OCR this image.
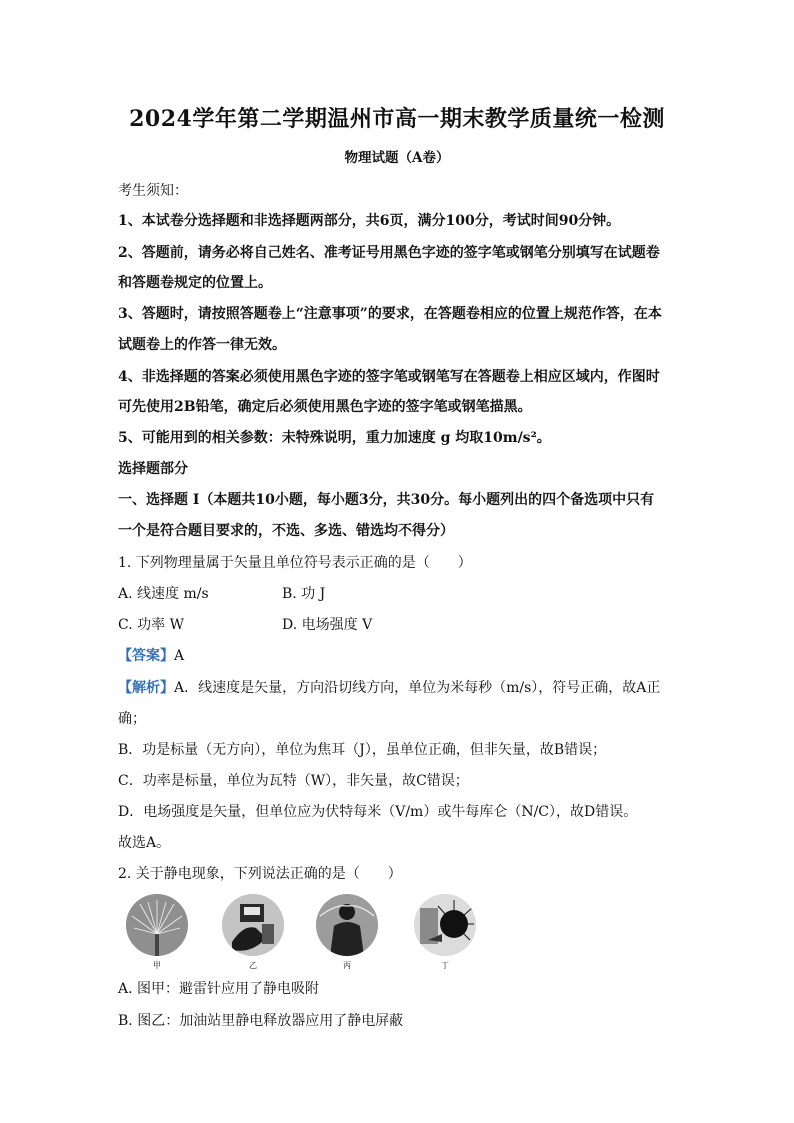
2024学年第二学期温州市高一期末教学质量统一检测
物理试题（A卷）
考生须知：
1、本试卷分选择题和非选择题两部分，共6页，满分100分，考试时间90分钟。
2、答题前，请务必将自己姓名、准考证号用黑色字迹的签字笔或钢笔分别填写在试题卷
和答题卷规定的位置上。
3、答题时，请按照答题卷上“注意事项”的要求，在答题卷相应的位置上规范作答，在本
试题卷上的作答一律无效。
4、非选择题的答案必须使用黑色字迹的签字笔或钢笔写在答题卷上相应区域内，作图时
可先使用2B铅笔，确定后必须使用黑色字迹的签字笔或钢笔描黑。
5、可能用到的相关参数：未特殊说明，重力加速度 g 均取10m/s²。
选择题部分
一、选择题 I（本题共10小题，每小题3分，共30分。每小题列出的四个备选项中只有
一个是符合题目要求的，不选、多选、错选均不得分）
1. 下列物理量属于矢量且单位符号表示正确的是（　　）
A. 线速度 m/s	B. 功 J
C. 功率 W	D. 电场强度 V
【答案】A
【解析】A．线速度是矢量，方向沿切线方向，单位为米每秒（m/s），符号正确，故A正
确；
B．功是标量（无方向），单位为焦耳（J），虽单位正确，但非矢量，故B错误；
C．功率是标量，单位为瓦特（W），非矢量，故C错误；
D．电场强度是矢量，但单位应为伏特每米（V/m）或牛每库仑（N/C），故D错误。
故选A。
2. 关于静电现象，下列说法正确的是（　　）
甲	乙	丙	丁
A. 图甲：避雷针应用了静电吸附
B. 图乙：加油站里静电释放器应用了静电屏蔽
